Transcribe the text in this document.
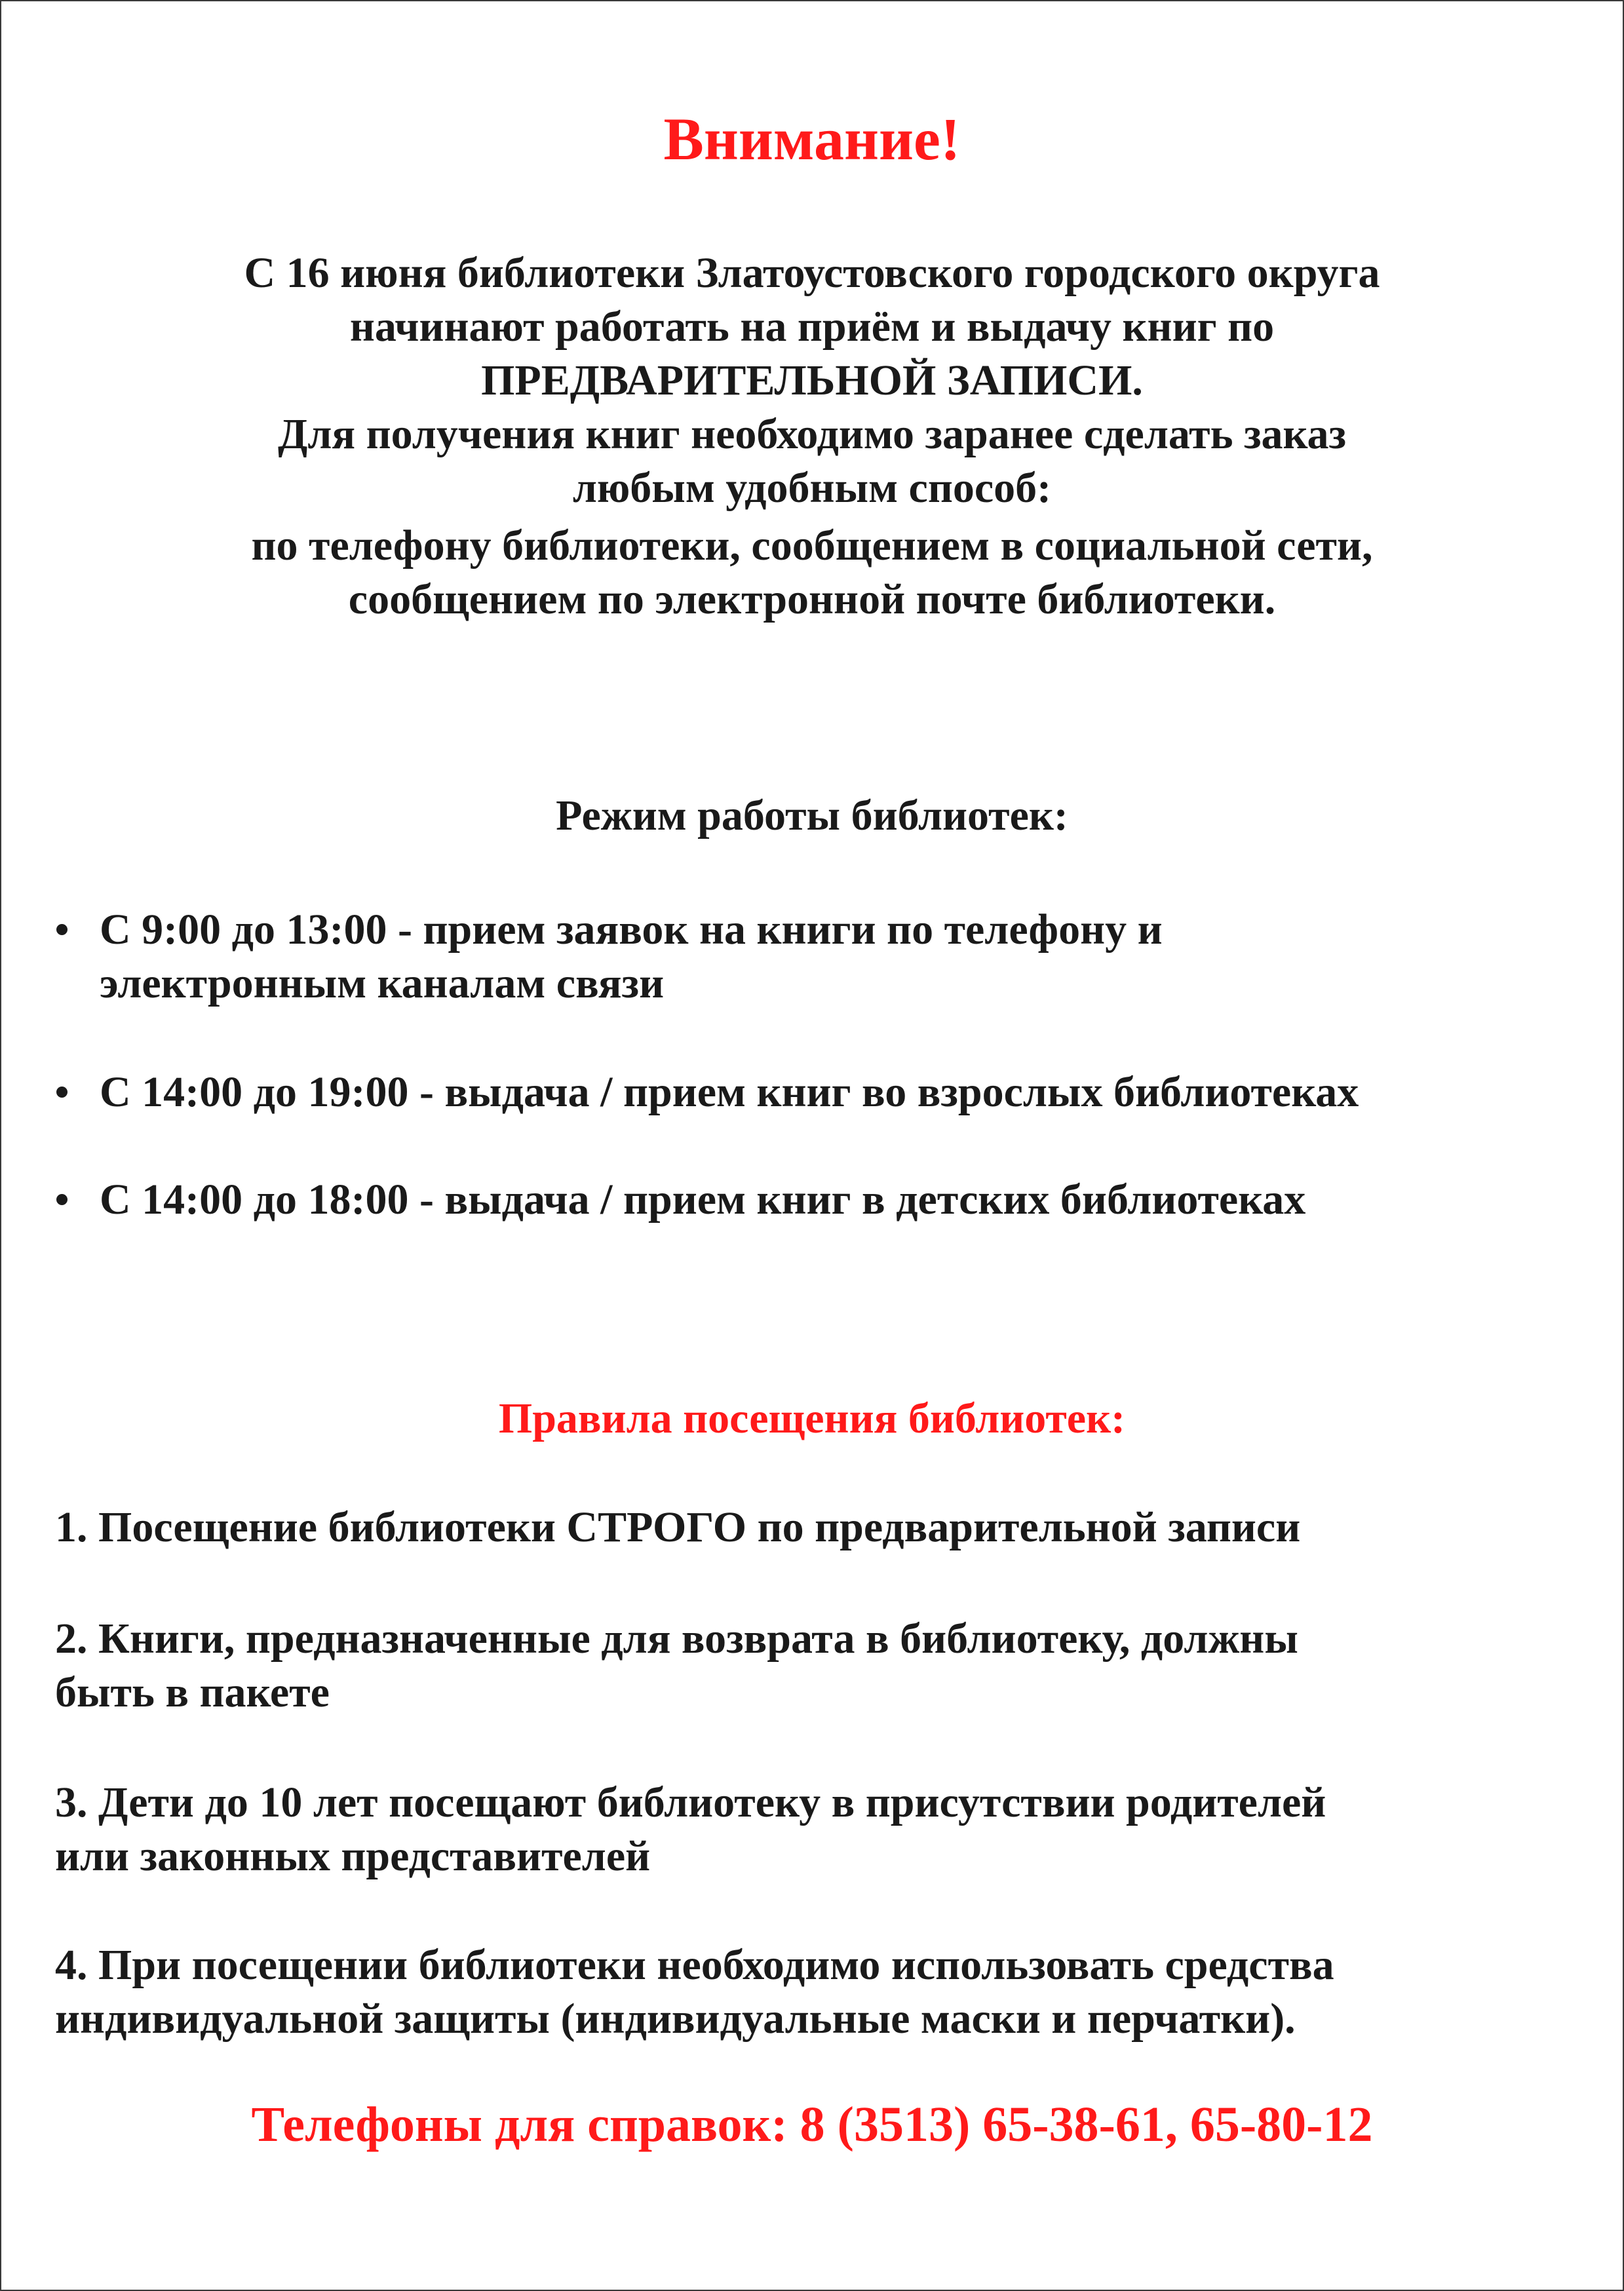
Внимание!
С 16 июня библиотеки Златоустовского городского округа
начинают работать на приём и выдачу книг по
ПРЕДВАРИТЕЛЬНОЙ ЗАПИСИ.
Для получения книг необходимо заранее сделать заказ
любым удобным способ:
по телефону библиотеки, сообщением в социальной сети,
сообщением по электронной почте библиотеки.
Режим работы библиотек:
С 9:00 до 13:00 - прием заявок на книги по телефону и
электронным каналам связи
С 14:00 до 19:00 - выдача / прием книг во взрослых библиотеках
С 14:00 до 18:00 - выдача / прием книг в детских библиотеках
Правила посещения библиотек:
1. Посещение библиотеки СТРОГО по предварительной записи
2. Книги, предназначенные для возврата в библиотеку, должны
быть в пакете
3. Дети до 10 лет посещают библиотеку в присутствии родителей
или законных представителей
4. При посещении библиотеки необходимо использовать средства
индивидуальной защиты (индивидуальные маски и перчатки).
Телефоны для справок: 8 (3513) 65-38-61, 65-80-12
